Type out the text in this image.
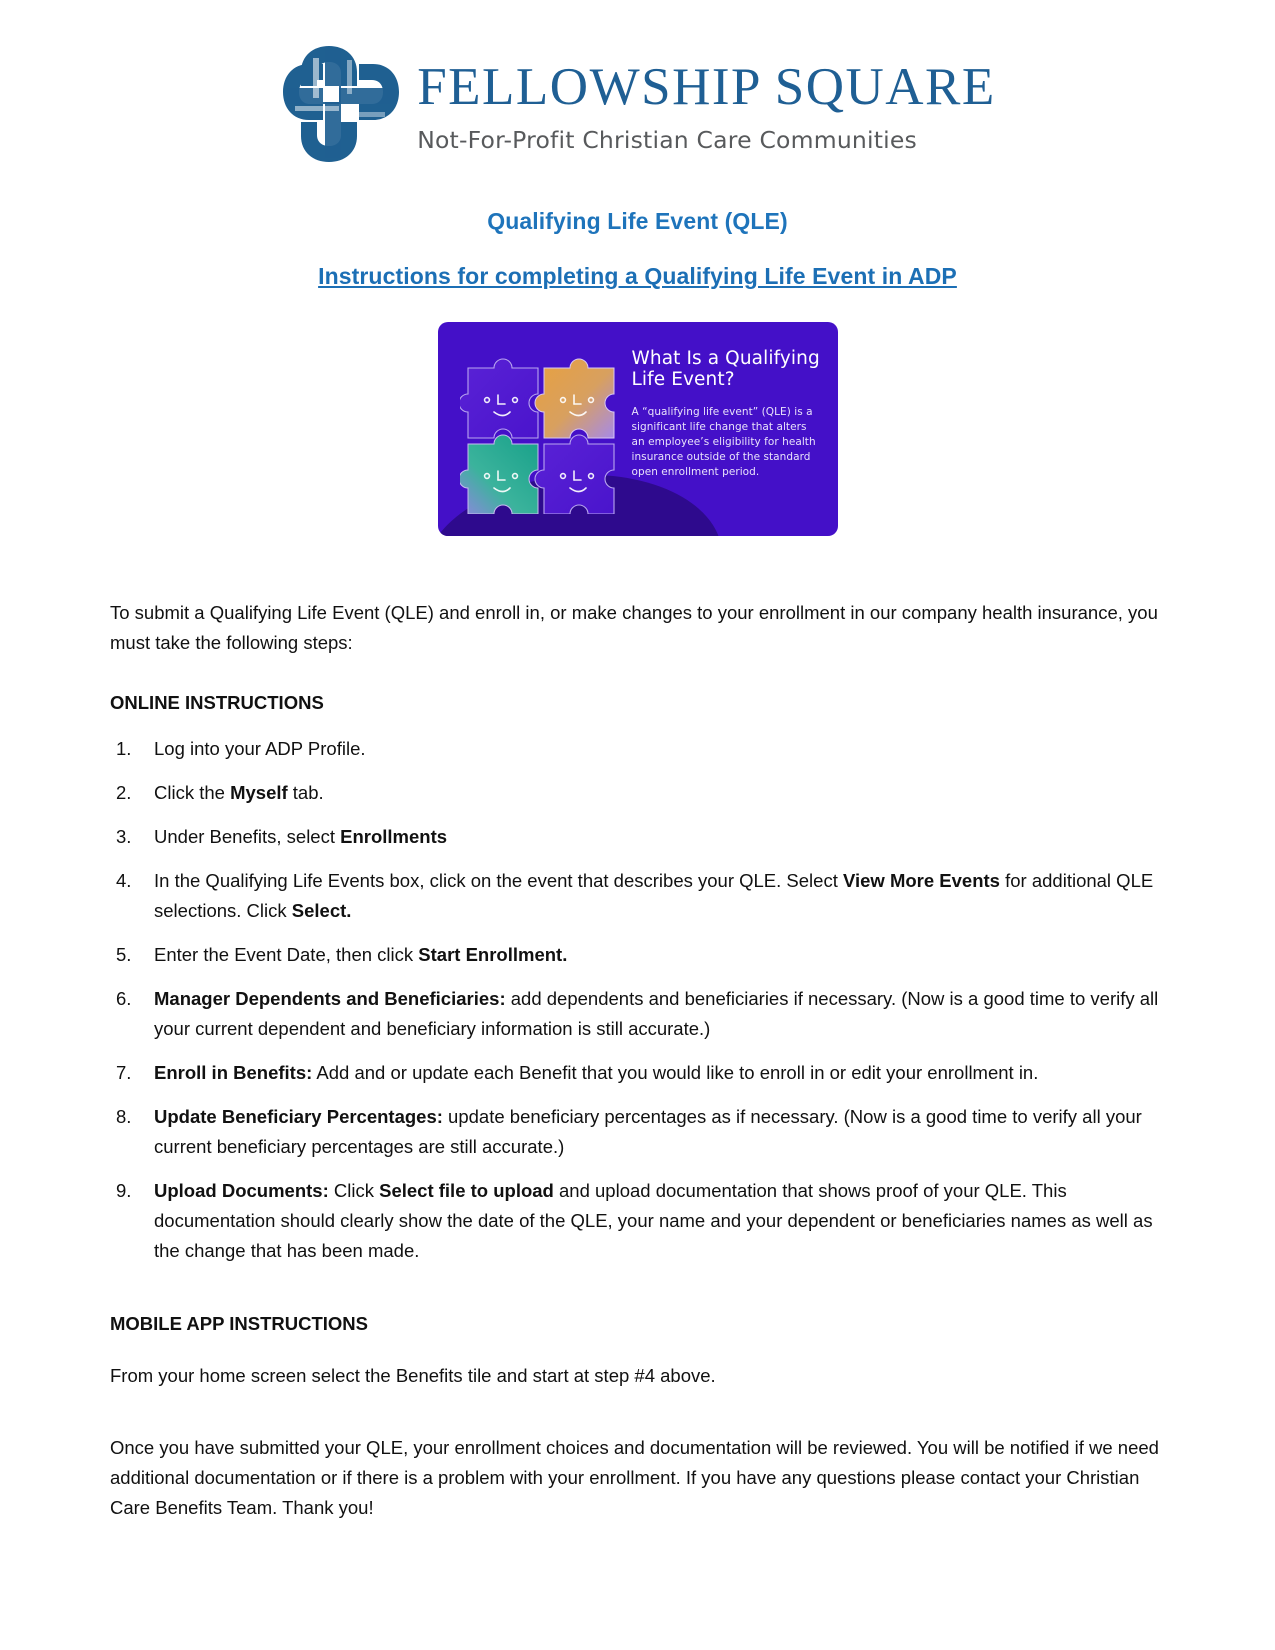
FELLOWSHIP SQUARE
Not-For-Profit Christian Care Communities
Qualifying Life Event (QLE)
Instructions for completing a Qualifying Life Event in ADP
What Is a Qualifying Life Event?

A “qualifying life event” (QLE) is a significant life change that alters an employee’s eligibility for health insurance outside of the standard open enrollment period.

To submit a Qualifying Life Event (QLE) and enroll in, or make changes to your enrollment in our company health insurance, you must take the following steps:

ONLINE INSTRUCTIONS
Log into your ADP Profile.
Click the Myself tab.
Under Benefits, select Enrollments
In the Qualifying Life Events box, click on the event that describes your QLE. Select View More Events for additional QLE selections. Click Select.
Enter the Event Date, then click Start Enrollment.
Manager Dependents and Beneficiaries: add dependents and beneficiaries if necessary. (Now is a good time to verify all your current dependent and beneficiary information is still accurate.)
Enroll in Benefits: Add and or update each Benefit that you would like to enroll in or edit your enrollment in.
Update Beneficiary Percentages: update beneficiary percentages as if necessary. (Now is a good time to verify all your current beneficiary percentages are still accurate.)
Upload Documents: Click Select file to upload and upload documentation that shows proof of your QLE. This documentation should clearly show the date of the QLE, your name and your dependent or beneficiaries names as well as the change that has been made.
MOBILE APP INSTRUCTIONS

From your home screen select the Benefits tile and start at step #4 above.

Once you have submitted your QLE, your enrollment choices and documentation will be reviewed. You will be notified if we need additional documentation or if there is a problem with your enrollment. If you have any questions please contact your Christian Care Benefits Team. Thank you!
